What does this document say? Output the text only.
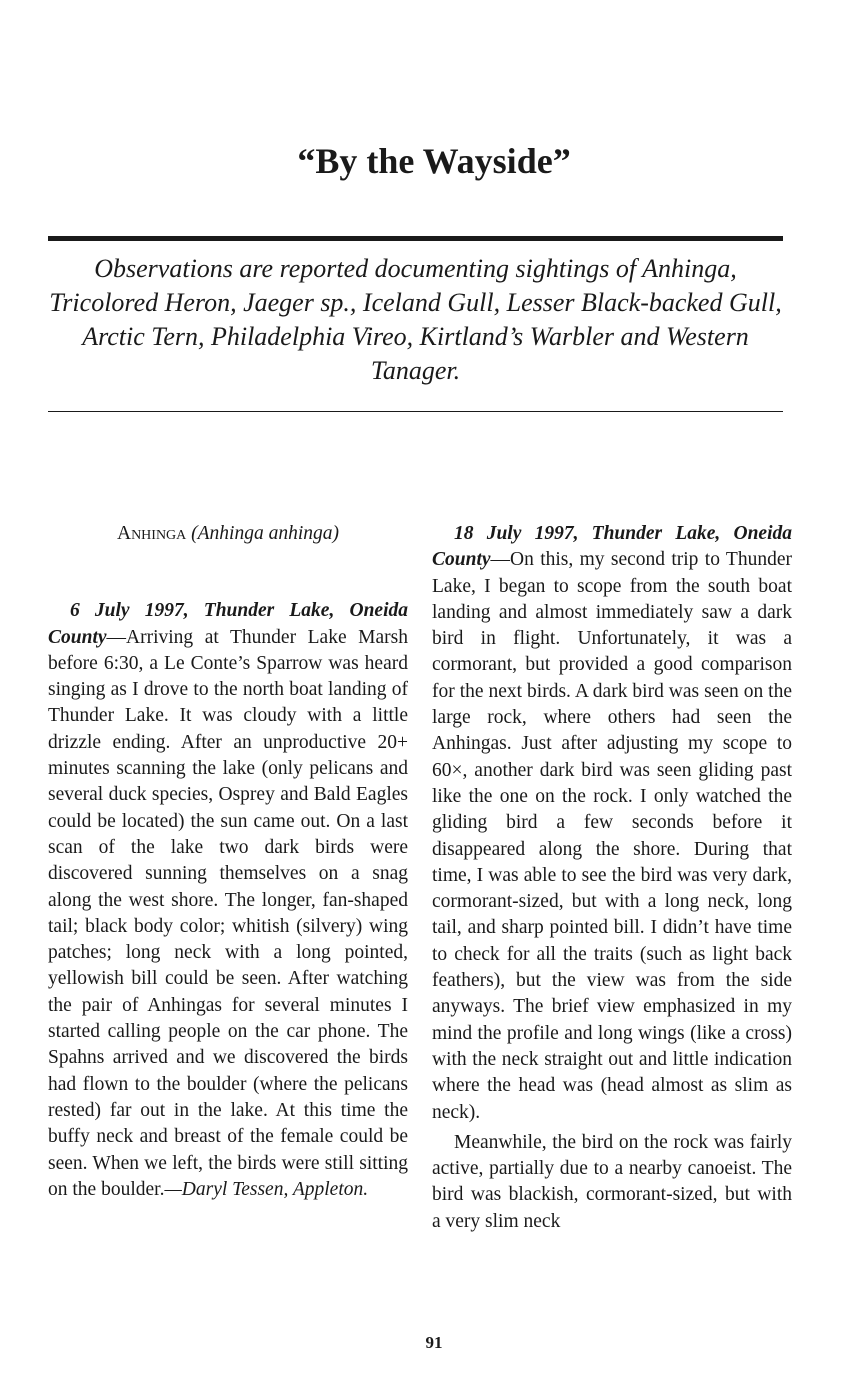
“By the Wayside”
Observations are reported documenting sightings of Anhinga, Tricolored Heron, Jaeger sp., Iceland Gull, Lesser Black-backed Gull, Arctic Tern, Philadelphia Vireo, Kirtland’s Warbler and Western Tanager.

Anhinga (Anhinga anhinga)

6 July 1997, Thunder Lake, Oneida County—Arriving at Thunder Lake Marsh before 6:30, a Le Conte’s Sparrow was heard singing as I drove to the north boat landing of Thunder Lake. It was cloudy with a little drizzle ending. After an unproductive 20+ minutes scanning the lake (only pelicans and several duck species, Osprey and Bald Eagles could be located) the sun came out. On a last scan of the lake two dark birds were discovered sunning themselves on a snag along the west shore. The longer, fan-shaped tail; black body color; whitish (silvery) wing patches; long neck with a long pointed, yellowish bill could be seen. After watching the pair of Anhingas for several minutes I started calling people on the car phone. The Spahns arrived and we discovered the birds had flown to the boulder (where the pelicans rested) far out in the lake. At this time the buffy neck and breast of the female could be seen. When we left, the birds were still sitting on the boulder.—Daryl Tessen, Appleton.

18 July 1997, Thunder Lake, Oneida County—On this, my second trip to Thunder Lake, I began to scope from the south boat landing and almost immediately saw a dark bird in flight. Unfortunately, it was a cormorant, but provided a good comparison for the next birds. A dark bird was seen on the large rock, where others had seen the Anhingas. Just after adjusting my scope to 60×, another dark bird was seen gliding past like the one on the rock. I only watched the gliding bird a few seconds before it disappeared along the shore. During that time, I was able to see the bird was very dark, cormorant-sized, but with a long neck, long tail, and sharp pointed bill. I didn’t have time to check for all the traits (such as light back feathers), but the view was from the side anyways. The brief view emphasized in my mind the profile and long wings (like a cross) with the neck straight out and little indication where the head was (head almost as slim as neck).

Meanwhile, the bird on the rock was fairly active, partially due to a nearby canoeist. The bird was blackish, cormorant-sized, but with a very slim neck

91
